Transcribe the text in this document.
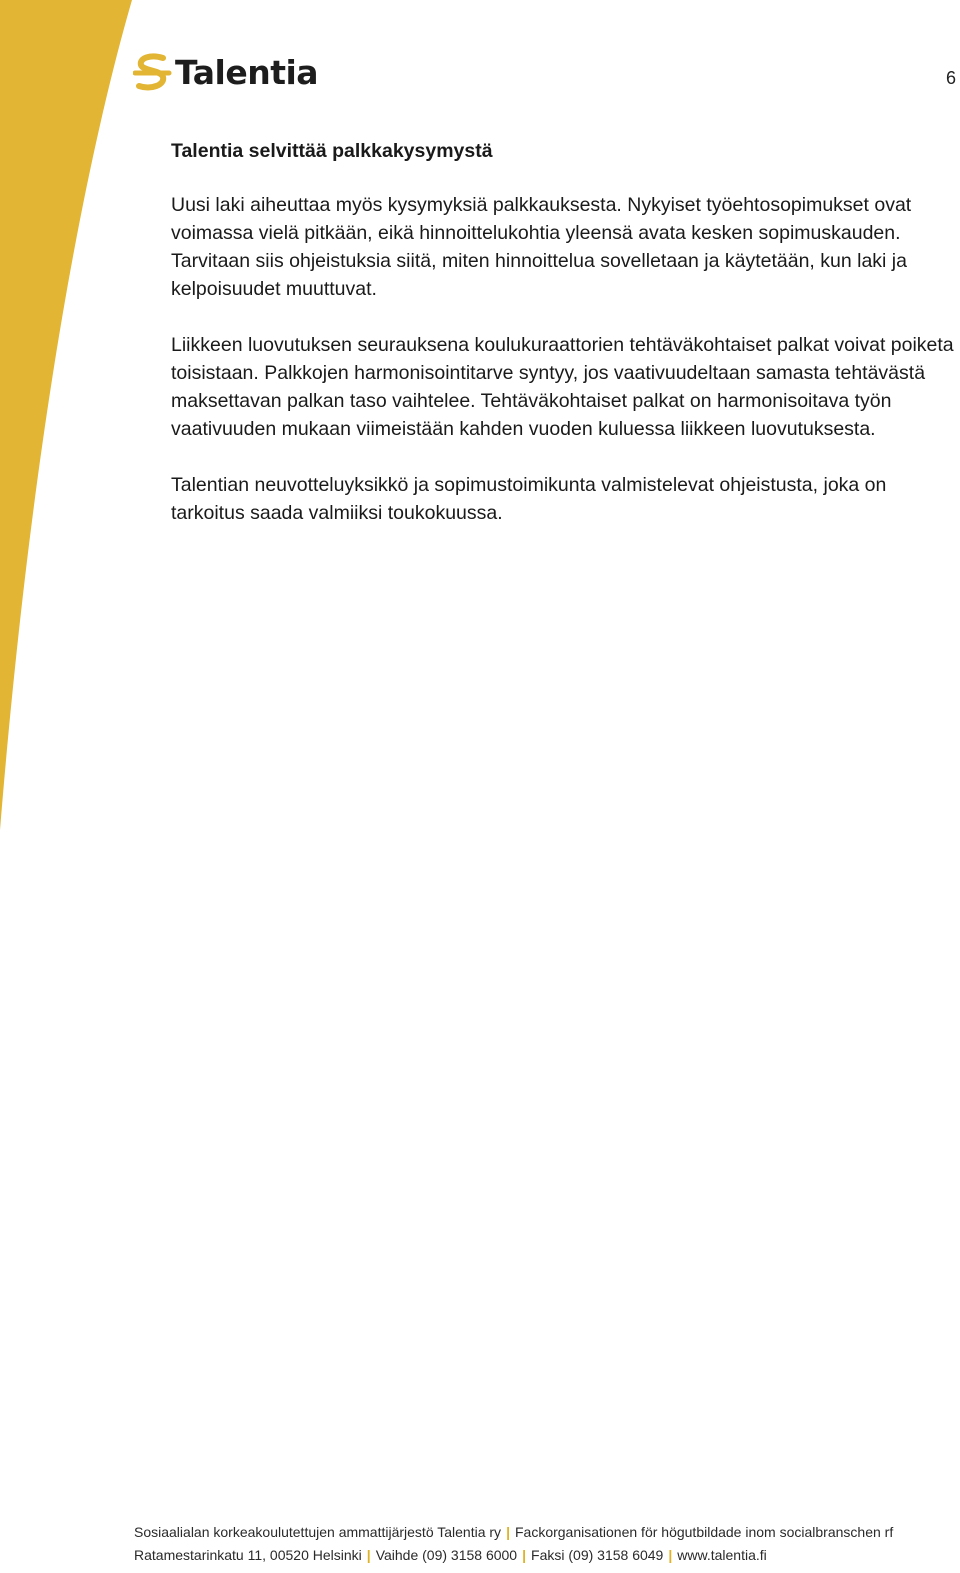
Talentia	6

Talentia selvittää palkkakysymystä

Uusi laki aiheuttaa myös kysymyksiä palkkauksesta. Nykyiset työehtosopimukset ovat voimassa vielä pitkään, eikä hinnoittelukohtia yleensä avata kesken sopimuskauden. Tarvitaan siis ohjeistuksia siitä, miten hinnoittelua sovelletaan ja käytetään, kun laki ja kelpoisuudet muuttuvat.

Liikkeen luovutuksen seurauksena koulukuraattorien tehtäväkohtaiset palkat voivat poiketa toisistaan. Palkkojen harmonisointitarve syntyy, jos vaativuudeltaan samasta tehtävästä maksettavan palkan taso vaihtelee. Tehtäväkohtaiset palkat on harmonisoitava työn vaativuuden mukaan viimeistään kahden vuoden kuluessa liikkeen luovutuksesta.

Talentian neuvotteluyksikkö ja sopimustoimikunta valmistelevat ohjeistusta, joka on tarkoitus saada valmiiksi toukokuussa.

Sosiaalialan korkeakoulutettujen ammattijärjestö Talentia ry | Fackorganisationen för högutbildade inom socialbranschen rf
Ratamestarinkatu 11, 00520 Helsinki | Vaihde (09) 3158 6000 | Faksi (09) 3158 6049 | www.talentia.fi
